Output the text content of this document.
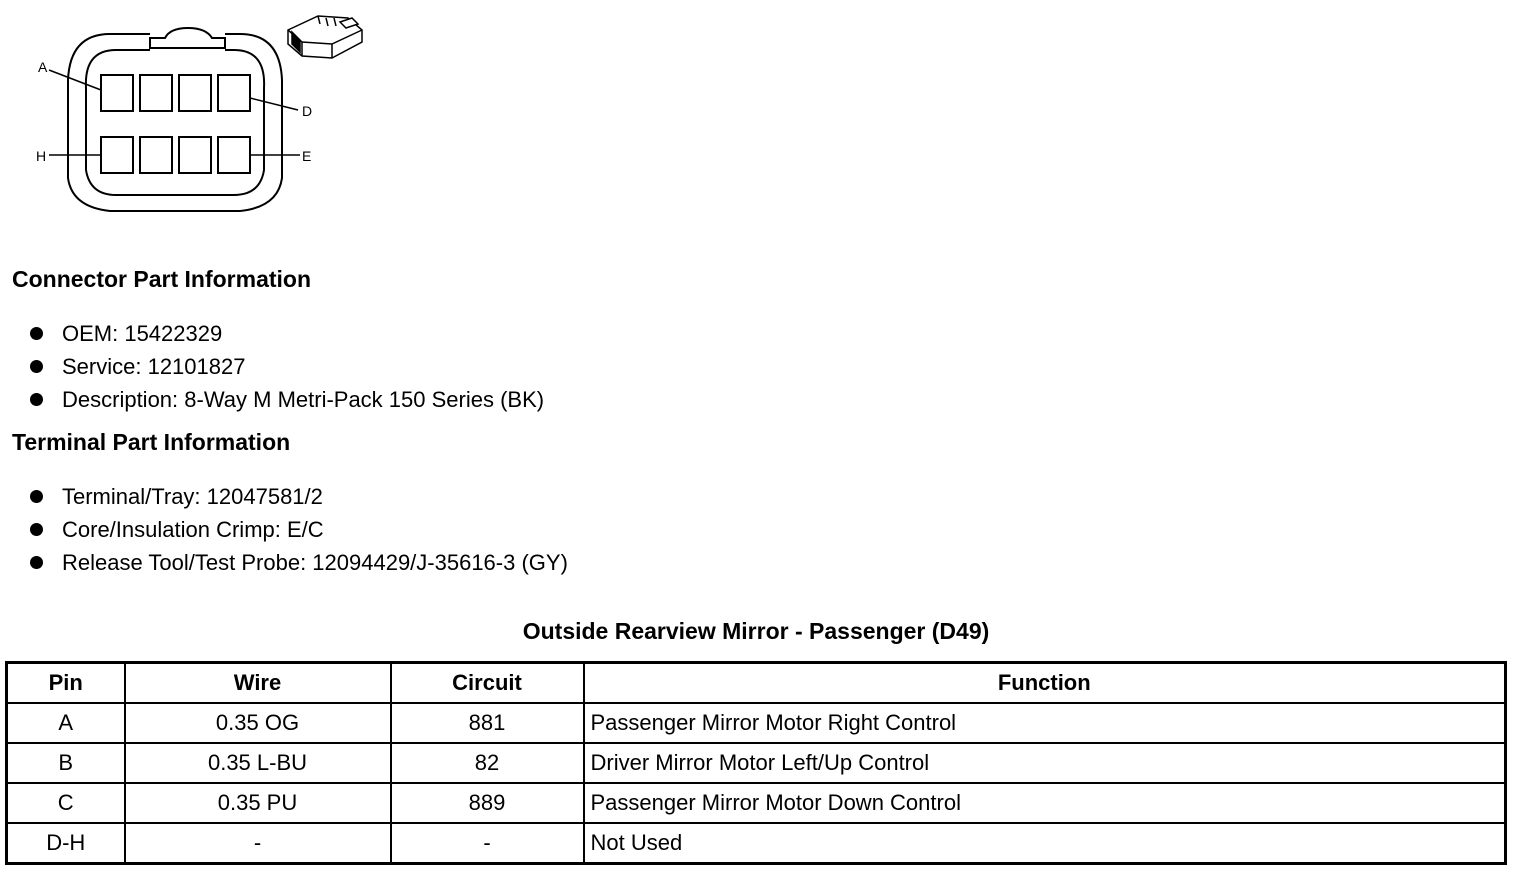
A
D
H	E
Connector Part Information
OEM: 15422329
Service: 12101827
Description: 8-Way M Metri-Pack 150 Series (BK)
Terminal Part Information
Terminal/Tray: 12047581/2
Core/Insulation Crimp: E/C
Release Tool/Test Probe: 12094429/J-35616-3 (GY)
Outside Rearview Mirror - Passenger (D49)
Pin	Wire	Circuit	Function
A	0.35 OG	881	Passenger Mirror Motor Right Control
B	0.35 L-BU	82	Driver Mirror Motor Left/Up Control
C	0.35 PU	889	Passenger Mirror Motor Down Control
D-H	-	-	Not Used
